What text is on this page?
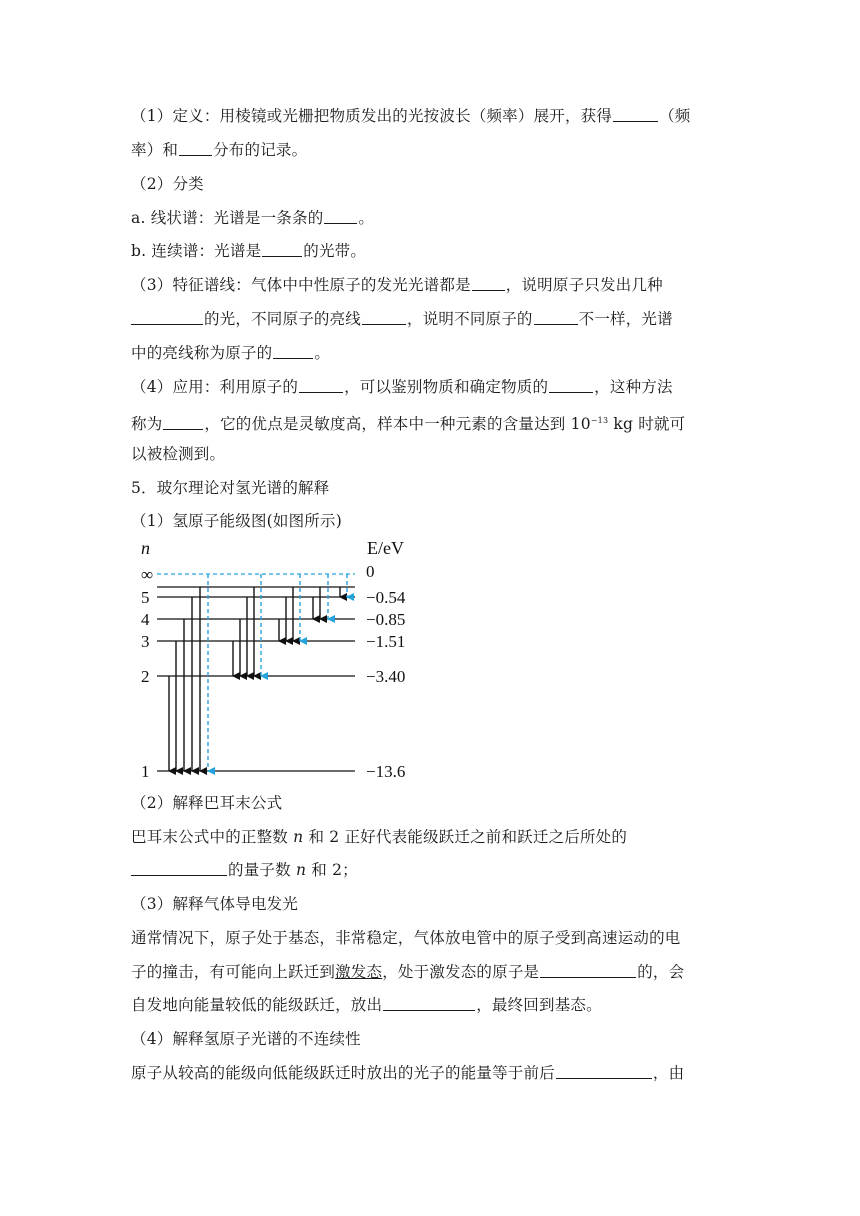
（1）定义：用棱镜或光栅把物质发出的光按波长（频率）展开，获得	（频
率）和 分布的记录。
（2）分类
a. 线状谱：光谱是一条条的 。
b. 连续谱：光谱是	的光带。
（3）特征谱线：气体中中性原子的发光光谱都是 ，说明原子只发出几种
的光，不同原子的亮线	，说明不同原子的	不一样，光谱
中的亮线称为原子的	。
（4）应用：利用原子的	，可以鉴别物质和确定物质的	，这种方法
称为	，它的优点是灵敏度高，样本中一种元素的含量达到 $10^{-13}$ kg 时就可
以被检测到。
5．玻尔理论对氢光谱的解释
（1）氢原子能级图(如图所示)
n	E/eV
∞	0
5	−0.54
4	−0.85
3	−1.51
2	−3.40
1	−13.6
（2）解释巴耳末公式
巴耳末公式中的正整数 n 和 2 正好代表能级跃迁之前和跃迁之后所处的
的量子数 n 和 2；
（3）解释气体导电发光
通常情况下，原子处于基态，非常稳定，气体放电管中的原子受到高速运动的电
子的撞击，有可能向上跃迁到激发态，处于激发态的原子是	的，会
自发地向能量较低的能级跃迁，放出	，最终回到基态。
（4）解释氢原子光谱的不连续性
原子从较高的能级向低能级跃迁时放出的光子的能量等于前后	，由
